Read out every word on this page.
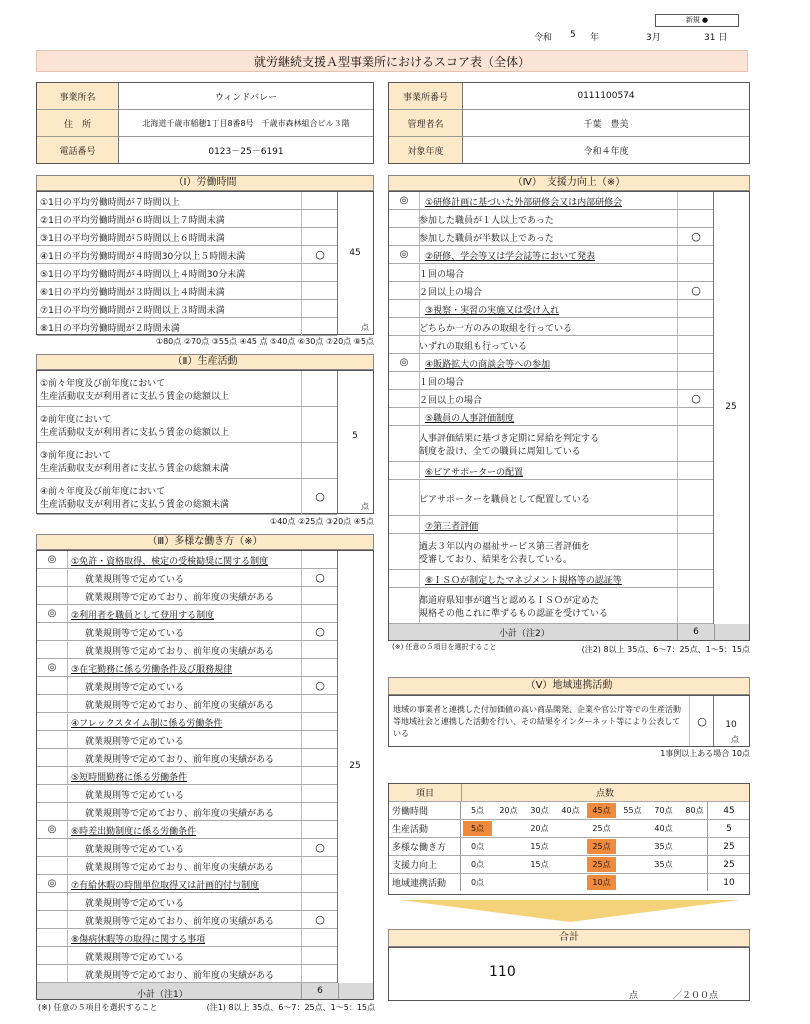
新規 ●
令和 5 年	3月	31 日
就労継続支援Ａ型事業所におけるスコア表（全体）
事業所名	ウィンドバレー
住　所	北海道千歳市稲穂1丁目8番8号　千歳市森林組合ビル３階
電話番号	0123－25－6191
事業所番号	0111100574
管理者名	千葉　豊美
対象年度	令和４年度
（Ⅰ）労働時間
45
点
①1日の平均労働時間が７時間以上
②1日の平均労働時間が６時間以上７時間未満
③1日の平均労働時間が５時間以上６時間未満
④1日の平均労働時間が４時間30分以上５時間未満	○
⑤1日の平均労働時間が４時間以上４時間30分未満
⑥1日の平均労働時間が３時間以上４時間未満
⑦1日の平均労働時間が２時間以上３時間未満
⑧1日の平均労働時間が２時間未満
①80点 ②70点 ③55点 ④45 点 ⑤40点 ⑥30点 ⑦20点 ⑧5点
（Ⅱ）生産活動
5
点
①前々年度及び前年度において
生産活動収支が利用者に支払う賃金の総額以上
②前年度において
生産活動収支が利用者に支払う賃金の総額以上
③前年度において
生産活動収支が利用者に支払う賃金の総額未満
④前々年度及び前年度において
生産活動収支が利用者に支払う賃金の総額未満
○
①40点 ②25点 ③20点 ④5点
（Ⅲ）多様な働き方（※）
25
◎	①免許・資格取得、検定の受検勧奨に関する制度
就業規則等で定めている	○
就業規則等で定めており、前年度の実績がある
◎	②利用者を職員として登用する制度
就業規則等で定めている	○
就業規則等で定めており、前年度の実績がある
◎	③在宅勤務に係る労働条件及び服務規律
就業規則等で定めている	○
就業規則等で定めており、前年度の実績がある
④フレックスタイム制に係る労働条件
就業規則等で定めている
就業規則等で定めており、前年度の実績がある
⑤短時間勤務に係る労働条件
就業規則等で定めている
就業規則等で定めており、前年度の実績がある
◎	⑥時差出勤制度に係る労働条件
就業規則等で定めている	○
就業規則等で定めており、前年度の実績がある
◎	⑦有給休暇の時間単位取得又は計画的付与制度
就業規則等で定めている
就業規則等で定めており、前年度の実績がある	○
⑧傷病休暇等の取得に関する事項
就業規則等で定めている
就業規則等で定めており、前年度の実績がある
小計（注1）	6
(※) 任意の５項目を選択すること	(注1) 8以上 35点、6～7：25点、1～5：15点
（Ⅳ）　支援力向上（※）
25
◎	①研修計画に基づいた外部研修会又は内部研修会
参加した職員が１人以上であった
参加した職員が半数以上であった	○
◎	②研修、学会等又は学会誌等において発表
１回の場合
２回以上の場合	○
③視察・実習の実施又は受け入れ
どちらか一方のみの取組を行っている
いずれの取組も行っている
◎	④販路拡大の商談会等への参加
１回の場合
２回以上の場合	○
⑤職員の人事評価制度
人事評価結果に基づき定期に昇給を判定する
制度を設け、全ての職員に周知している
⑥ピアサポーターの配置
ピアサポーターを職員として配置している
⑦第三者評価
過去３年以内の福祉サービス第三者評価を
受審しており、結果を公表している。
⑧ＩＳＯが制定したマネジメント規格等の認証等
都道府県知事が適当と認めるＩＳＯが定めた
規格その他これに準ずるもの認証を受けている
小計（注2）	6
(※) 任意の５項目を選択すること	(注2) 8以上 35点、6～7：25点、1～5：15点
（Ⅴ）地域連携活動
地域の事業者と連携した付加価値の高い商品開発、企業や官公庁等での生産活動等地域社会と連携した活動を行い、その結果をインターネット等により公表している
○	10
点
1事例以上ある場合 10点
項目	点数
労働時間	5点	20点	30点	40点	45点	55点	70点	80点	45
生産活動	5点	20点	25点	40点	5
多様な働き方	0点	15点	25点	35点	25
支援力向上	0点	15点	25点	35点	25
地域連携活動	0点	10点	10
合計
110
点	／２００点
